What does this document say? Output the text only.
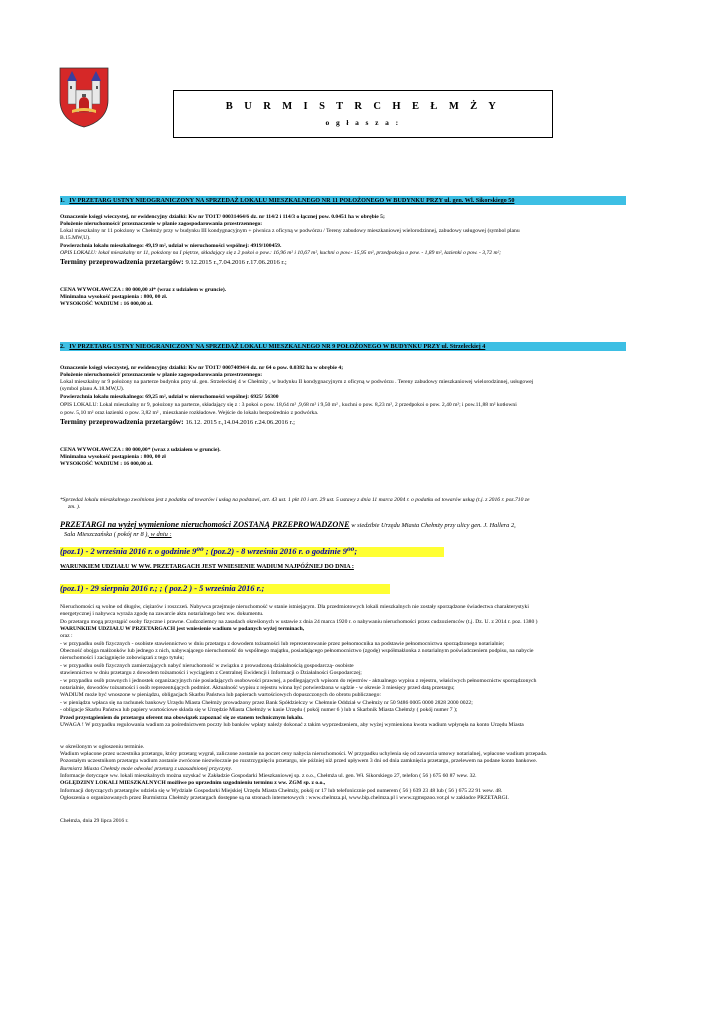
B U R M I S T R C H E Ł M Ż Y
o g ł a s z a :
1. IV PRZETARG USTNY NIEOGRANICZONY NA SPRZEDAŻ LOKALU MIESZKALNEGO NR 11 POŁOŻONEGO W BUDYNKU PRZY ul. gen. Wl. Sikorskiego 50
Oznaczenie księgi wieczystej, nr ewidencyjny działki: Kw nr TO1T/ 00031464/6 dz. nr 114/2 i 114/3 o łącznej pow. 0.0451 ha w obrębie 5;
Położenie nieruchomości/ przeznaczenie w planie zagospodarowania przestrzennego:
Lokal mieszkalny nr 11 położony w Chełmży przy w budynku III kondygnacyjnym + piwnica z oficyną w podwórzu / Tereny zabudowy mieszkaniowej wielorodzinnej, zabudowy usługowej (symbol planu
B.15.MW,U).
Powierzchnia lokalu mieszkalnego: 49,19 m², udział w nieruchomości wspólnej: 4919/100459.
OPIS LOKALU: lokal mieszkalny nr 11, położony na I piętrze, składający się z 2 pokoi o pow.: 16,96 m² i 10,67 m², kuchni o pow.- 15,95 m², przedpokoju o pow. - 1,89 m², łazienki o pow. - 3,72 m²;
Terminy przeprowadzenia przetargów: 9.12.2015 r.,7.04.2016 r.17.06.2016 r.;
CENA WYWOŁAWCZA : 80 000,00 zł* (wraz z udziałem w gruncie).
Minimalna wysokość postąpienia : 800, 00 zł.
WYSOKOŚĆ WADIUM : 16 000,00 zł.
2. IV PRZETARG USTNY NIEOGRANICZONY NA SPRZEDAŻ LOKALU MIESZKALNEGO NR 9 POŁOŻONEGO W BUDYNKU PRZY ul. Strzeleckiej 4
Oznaczenie księgi wieczystej, nr ewidencyjny działki: Kw nr TO1T/ 00074094/4 dz. nr 64 o pow. 0.0382 ha w obrębie 4;
Położenie nieruchomości/ przeznaczenie w planie zagospodarowania przestrzennego:
Lokal mieszkalny nr 9 położony na parterze budynku przy ul. gen. Strzeleckiej 4 w Chełmży , w budynku II kondygnacyjnym z oficyną w podwórzu . Tereny zabudowy mieszkaniowej wielorodzinnej, usługowej
(symbol planu A.18.MW,U).
Powierzchnia lokalu mieszkalnego: 69,25 m², udział w nieruchomości wspólnej: 6925/ 56300
OPIS LOKALU: Lokal mieszkalny nr 9, położony na parterze, składający się z : 3 pokoi o pow. 18,64 m² ,9,68 m² i 9,50 m² , kuchni o pow. 8,23 m², 2 przedpokoi o pow. 2,40 m²; i pow.11,88 m² kotłowni
o pow. 5,10 m² oraz łazienki o pow. 3,82 m² , mieszkanie rozkładowe. Wejście do lokalu bezpośrednio z podwórka.
Terminy przeprowadzenia przetargów: 16.12. 2015 r.,14.04.2016 r.24.06.2016 r.;
CENA WYWOŁAWCZA : 80 000,00* (wraz z udziałem w gruncie).
Minimalna wysokość postąpienia : 800, 00 zł
WYSOKOŚĆ WADIUM : 16 000,00 zł.
*Sprzedaż lokalu mieszkalnego zwolniona jest z podatku od towarów i usług na podstawi, art. 43 ust. 1 pkt 10 i art. 29 ust. 5 ustawy z dnia 11 marca 2004 r. o podatku od towarów usług (t.j. z 2016 r. poz.710 ze
zm. ).
PRZETARGI na wyżej wymienione nieruchomości ZOSTANĄ PRZEPROWADZONE w siedzibie Urzędu Miasta Chełmży przy ulicy gen. J. Hallera 2,
Sala Mieszczańska ( pokój nr 8 ), w dniu :
(poz.1) - 2 września 2016 r. o godzinie 9⁰⁰ ; (poz.2) - 8 września 2016 r. o godzinie 9⁰⁰;
WARUNKIEM UDZIAŁU W WW. PRZETARGACH JEST WNIESIENIE WADIUM NAJPÓŹNIEJ DO DNIA :
(poz.1) - 29 sierpnia 2016 r.; ; ( poz.2 ) - 5 września 2016 r.;
Nieruchomości są wolne od długów, ciężarów i roszczeń. Nabywca przejmuje nieruchomość w stanie istniejącym. Dla przedmiotowych lokali mieszkalnych nie zostały sporządzone świadectwa charakterystyki
energetycznej i nabywca wyraża zgodę na zawarcie aktu notarialnego bez ww. dokumentu.
Do przetargu mogą przystąpić osoby fizyczne i prawne. Cudzoziemcy na zasadach określonych w ustawie z dnia 24 marca 1920 r. o nabywaniu nieruchomości przez cudzoziemców (t.j. Dz. U. z 2014 r. poz. 1380 )
WARUNKIEM UDZIAŁU W PRZETARGACH jest wniesienie wadium w podanych wyżej terminach,
oraz :
- w przypadku osób fizycznych - osobiste stawiennictwo w dniu przetargu z dowodem tożsamości lub reprezentowanie przez pełnomocnika na podstawie pełnomocnictwa sporządzonego notarialnie;
Obecność obojga małżonków lub jednego z nich, nabywającego nieruchomość do wspólnego majątku, posiadającego pełnomocnictwo (zgodę) współmałżonka z notarialnym poświadczeniem podpisu, na nabycie
nieruchomości i zaciągnięcie zobowiązań z tego tytułu;
- w przypadku osób fizycznych zamierzających nabyć nieruchomość w związku z prowadzoną działalnością gospodarczą- osobiste
stawiennictwo w dniu przetargu z dowodem tożsamości i wyciągiem z Centralnej Ewidencji i Informacji o Działalności Gospodarczej;
- w przypadku osób prawnych i jednostek organizacyjnych nie posiadających osobowości prawnej, a podlegających wpisom do rejestrów - aktualnego wypisu z rejestru, właściwych pełnomocnictw sporządzonych
notarialnie, dowodów tożsamości i osób reprezentujących podmiot. Aktualność wypisu z rejestru winna być potwierdzona w sądzie - w okresie 3 miesięcy przed datą przetargu;
WADIUM może być wnoszone w pieniądzu, obligacjach Skarbu Państwa lub papierach wartościowych dopuszczonych do obrotu publicznego:
- w pieniądzu wpłaca się na rachunek bankowy Urzędu Miasta Chełmży prowadzony przez Bank Spółdzielczy w Chełmnie Oddział w Chełmży nr 50 9486 0005 0000 2828 2000 0022;
- obligacje Skarbu Państwa lub papiery wartościowe składa się w Urzędzie Miasta Chełmży w kasie Urzędu ( pokój numer 6 ) lub u Skarbnik Miasta Chełmży ( pokój numer 7 );
Przed przystąpieniem do przetargu oferent ma obowiązek zapoznać się ze stanem technicznym lokalu.
UWAGA ! W przypadku regulowania wadium za pośrednictwem poczty lub banków wpłaty należy dokonać z takim wyprzedzeniem, aby wyżej wymieniona kwota wadium wpłynęła na konto Urzędu Miasta
w określonym w ogłoszeniu terminie.
Wadium wpłacone przez uczestnika przetargu, który przetarg wygrał, zaliczone zostanie na poczet ceny nabycia nieruchomości. W przypadku uchylenia się od zawarcia umowy notarialnej, wpłacone wadium przepada.
Pozostałym uczestnikom przetargu wadium zostanie zwrócone niezwłocznie po rozstrzygnięciu przetargu, nie później niż przed upływem 3 dni od dnia zamknięcia przetargu, przelewem na podane konto bankowe.
Burmistrz Miasta Chełmży może odwołać przetarg z uzasadnionej przyczyny.
Informacje dotyczące ww. lokali mieszkalnych można uzyskać w Zakładzie Gospodarki Mieszkaniowej sp. z o.o., Chełmża ul. gen. Wł. Sikorskiego 27, telefon ( 56 ) 675 60 87 wew. 32.
OGLĘDZINY LOKALI MIESZKALNYCH możliwe po uprzednim uzgodnieniu terminu z ww. ZGM sp. z o.o.,
Informacji dotyczących przetargów udziela się w Wydziale Gospodarki Miejskiej Urzędu Miasta Chełmży, pokój nr 17 lub telefonicznie pod numerem ( 56 ) 639 23 48 lub ( 56 ) 675 22 91 wew. 48.
Ogłoszenia o organizowanych przez Burmistrza Chełmży przetargach dostępne są na stronach internetowych : www.chelmza.pl, www.bip.chelmza.pl i www.zgmspzoo.vot.pl w zakładce PRZETARGI.
Chełmża, dnia 29 lipca 2016 r.
